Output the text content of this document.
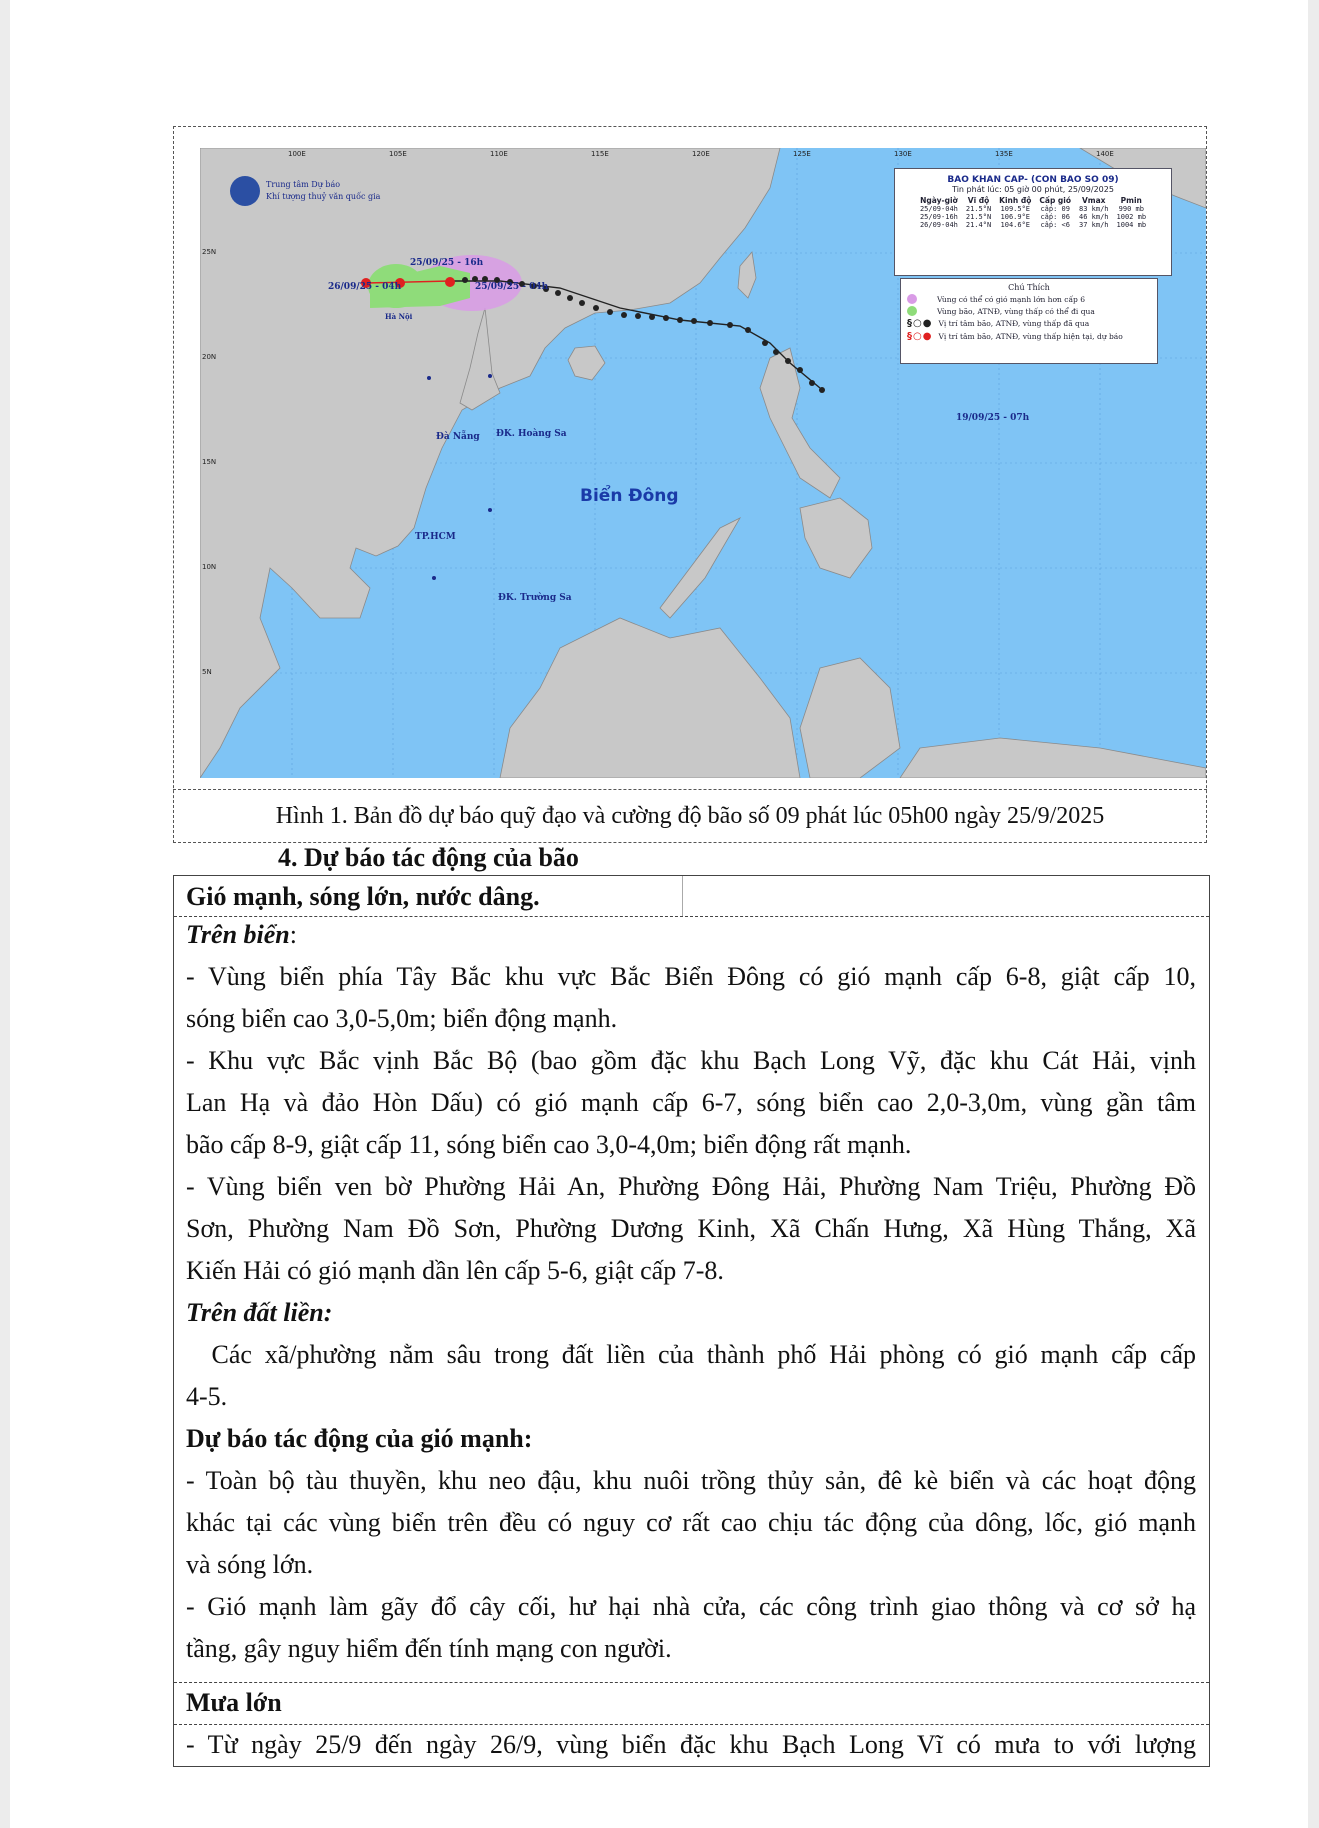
Trung tâm Dự báo
Khí tượng thuỷ văn quốc gia
100E	105E	110E	115E	120E	125E	130E	135E	140E
25N
20N
15N
10N
5N
25/09/25 - 16h
26/09/25 - 04h	25/09/25 - 04h
19/09/25 - 07h
Hà Nội
Đà Nẵng ĐK. Hoàng Sa
Biển Đông
TP.HCM
ĐK. Trường Sa
BAO KHAN CAP- (CON BAO SO 09)
Tin phát lúc: 05 giờ 00 phút, 25/09/2025
Ngày-giờ	Vĩ độ	Kinh độ	Cấp gió	Vmax	Pmin
25/09-04h	21.5°N	109.5°E	cấp: 09	83 km/h	990 mb
25/09-16h	21.5°N	106.9°E	cấp: 06	46 km/h	1002 mb
26/09-04h	21.4°N	104.6°E	cấp: <6	37 km/h	1004 mb
Chú Thích
Vùng có thể có gió mạnh lớn hơn cấp 6
Vùng bão, ATNĐ, vùng thấp có thể đi qua
§○● Vị trí tâm bão, ATNĐ, vùng thấp đã qua
§○● Vị trí tâm bão, ATNĐ, vùng thấp hiện tại, dự báo
Hình 1. Bản đồ dự báo quỹ đạo và cường độ bão số 09 phát lúc 05h00 ngày 25/9/2025
4. Dự báo tác động của bão
Gió mạnh, sóng lớn, nước dâng.
Trên biển:
- Vùng biển phía Tây Bắc khu vực Bắc Biển Đông có gió mạnh cấp 6-8, giật cấp 10,
sóng biển cao 3,0-5,0m; biển động mạnh.
- Khu vực Bắc vịnh Bắc Bộ (bao gồm đặc khu Bạch Long Vỹ, đặc khu Cát Hải, vịnh
Lan Hạ và đảo Hòn Dấu) có gió mạnh cấp 6-7, sóng biển cao 2,0-3,0m, vùng gần tâm
bão cấp 8-9, giật cấp 11, sóng biển cao 3,0-4,0m; biển động rất mạnh.
- Vùng biển ven bờ Phường Hải An, Phường Đông Hải, Phường Nam Triệu, Phường Đồ
Sơn, Phường Nam Đồ Sơn, Phường Dương Kinh, Xã Chấn Hưng, Xã Hùng Thắng, Xã
Kiến Hải có gió mạnh dần lên cấp 5-6, giật cấp 7-8.
Trên đất liền:
Các xã/phường nằm sâu trong đất liền của thành phố Hải phòng có gió mạnh cấp cấp
4-5.
Dự báo tác động của gió mạnh:
- Toàn bộ tàu thuyền, khu neo đậu, khu nuôi trồng thủy sản, đê kè biển và các hoạt động
khác tại các vùng biển trên đều có nguy cơ rất cao chịu tác động của dông, lốc, gió mạnh
và sóng lớn.
- Gió mạnh làm gãy đổ cây cối, hư hại nhà cửa, các công trình giao thông và cơ sở hạ
tầng, gây nguy hiểm đến tính mạng con người.
Mưa lớn
- Từ ngày 25/9 đến ngày 26/9, vùng biển đặc khu Bạch Long Vĩ có mưa to với lượng
